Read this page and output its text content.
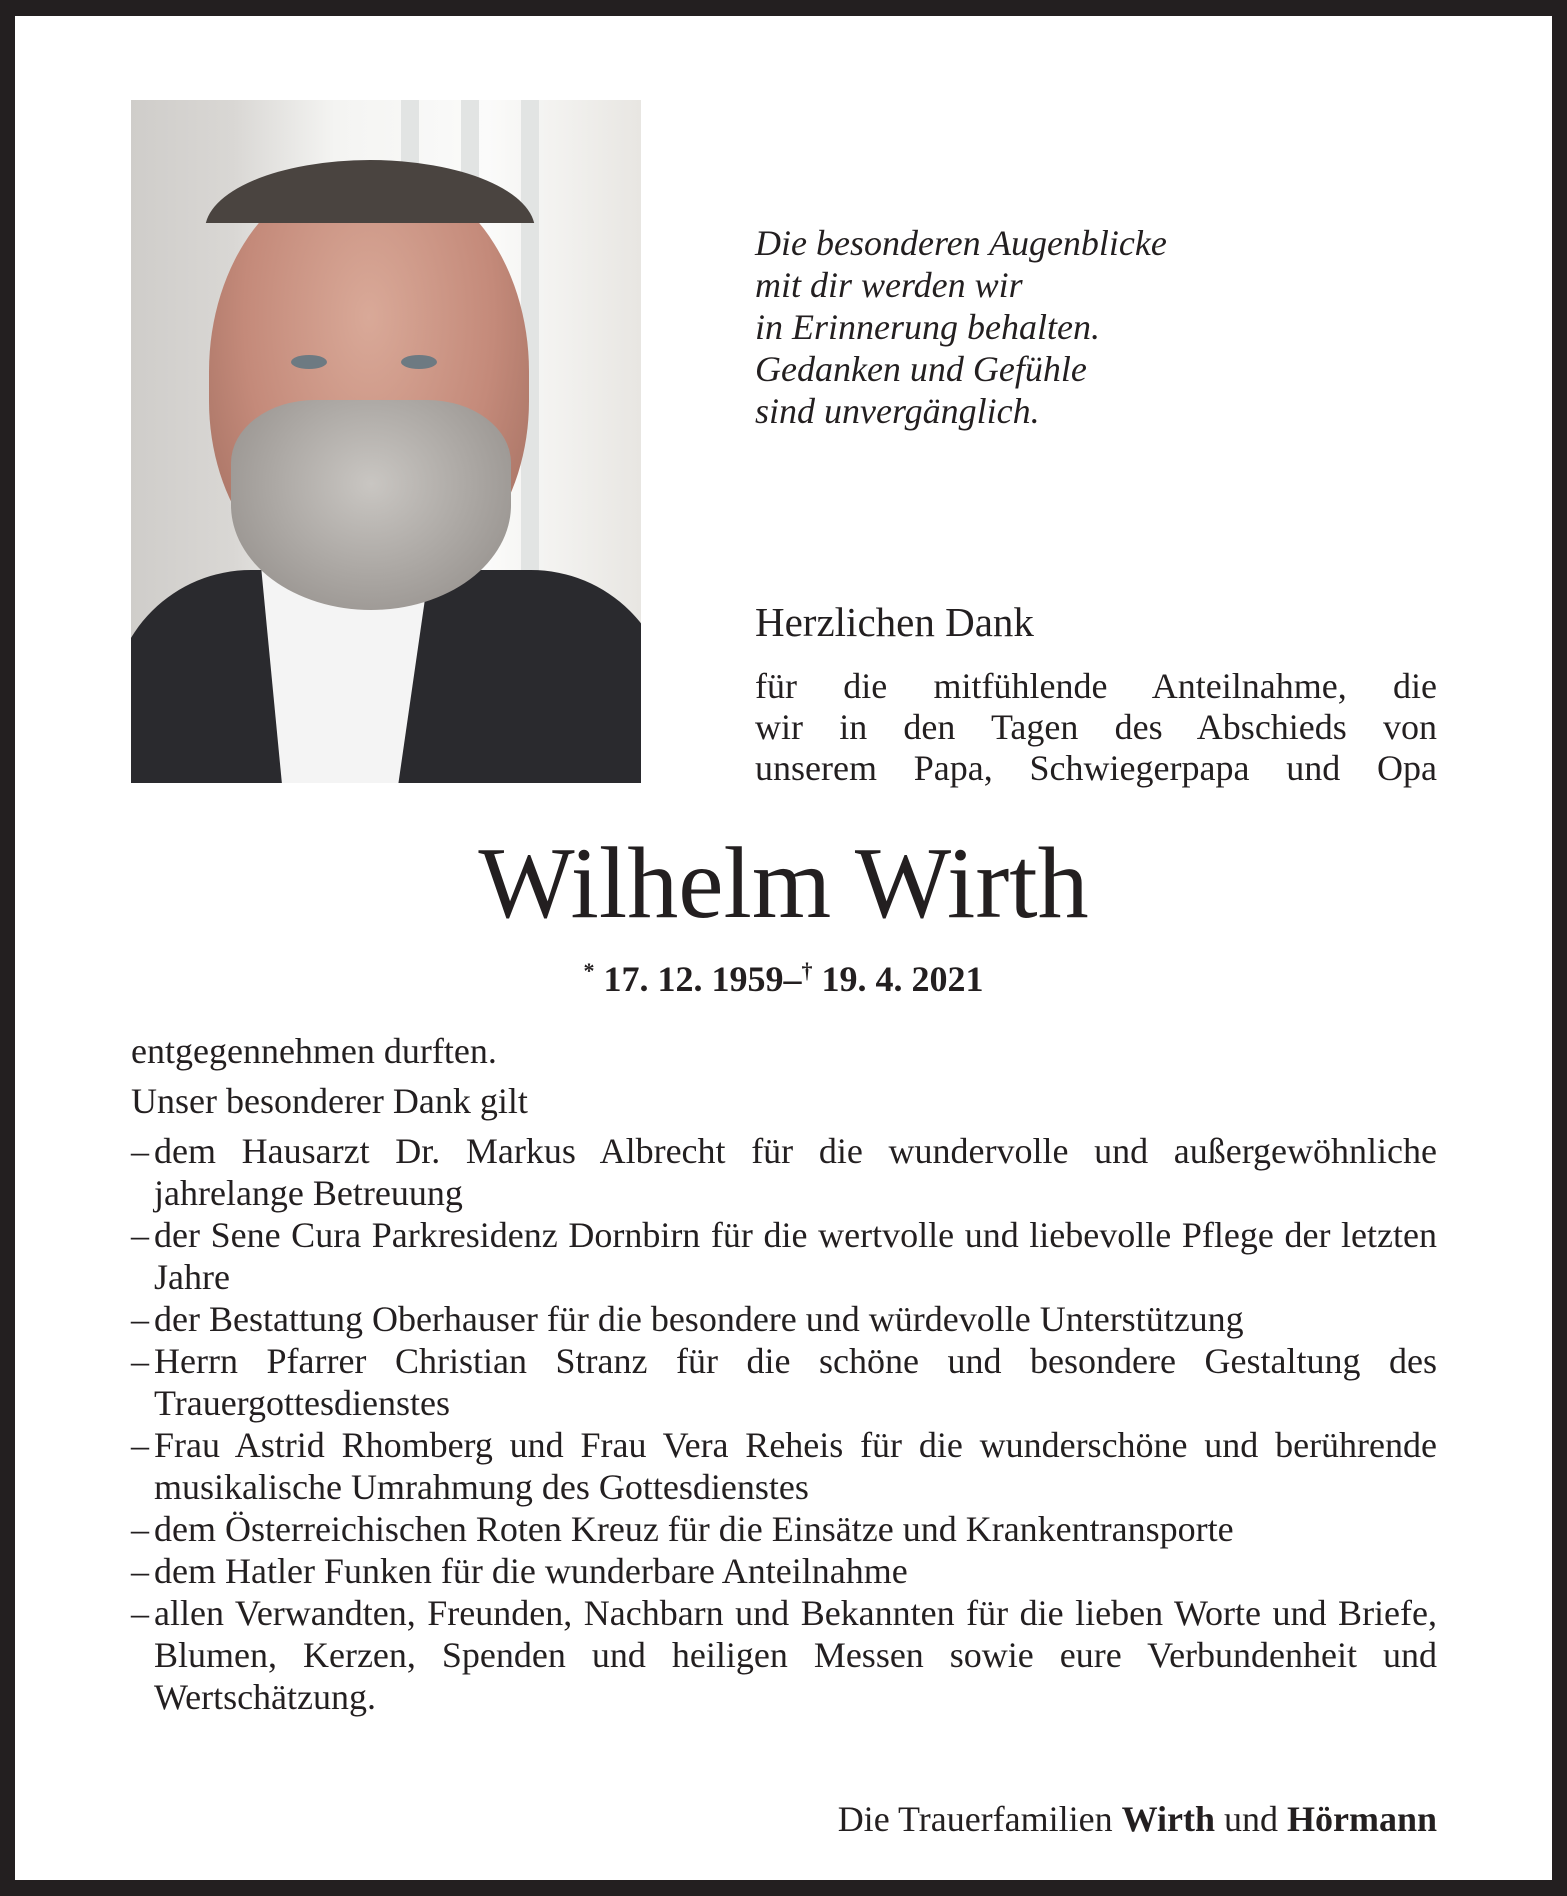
Die besonderen Augenblicke
mit dir werden wir
in Erinnerung behalten.
Gedanken und Gefühle
sind unvergänglich.
Herzlichen Dank
für die mitfühlende Anteilnahme, die
wir in den Tagen des Abschieds von
unserem Papa, Schwiegerpapa und Opa
Wilhelm Wirth
* 17. 12. 1959–† 19. 4. 2021

entgegennehmen durften.

Unser besonderer Dank gilt

– dem Hausarzt Dr. Markus Albrecht für die wundervolle und außergewöhnliche jahrelange Betreuung
– der Sene Cura Parkresidenz Dornbirn für die wertvolle und liebevolle Pflege der letzten Jahre
– der Bestattung Oberhauser für die besondere und würdevolle Unterstützung
– Herrn Pfarrer Christian Stranz für die schöne und besondere Gestaltung des Trauergottesdienstes
– Frau Astrid Rhomberg und Frau Vera Reheis für die wunderschöne und berührende musikalische Umrahmung des Gottesdienstes
– dem Österreichischen Roten Kreuz für die Einsätze und Krankentransporte
– dem Hatler Funken für die wunderbare Anteilnahme
– allen Verwandten, Freunden, Nachbarn und Bekannten für die lieben Worte und Briefe, Blumen, Kerzen, Spenden und heiligen Messen sowie eure Verbundenheit und Wertschätzung.
Die Trauerfamilien Wirth und Hörmann
